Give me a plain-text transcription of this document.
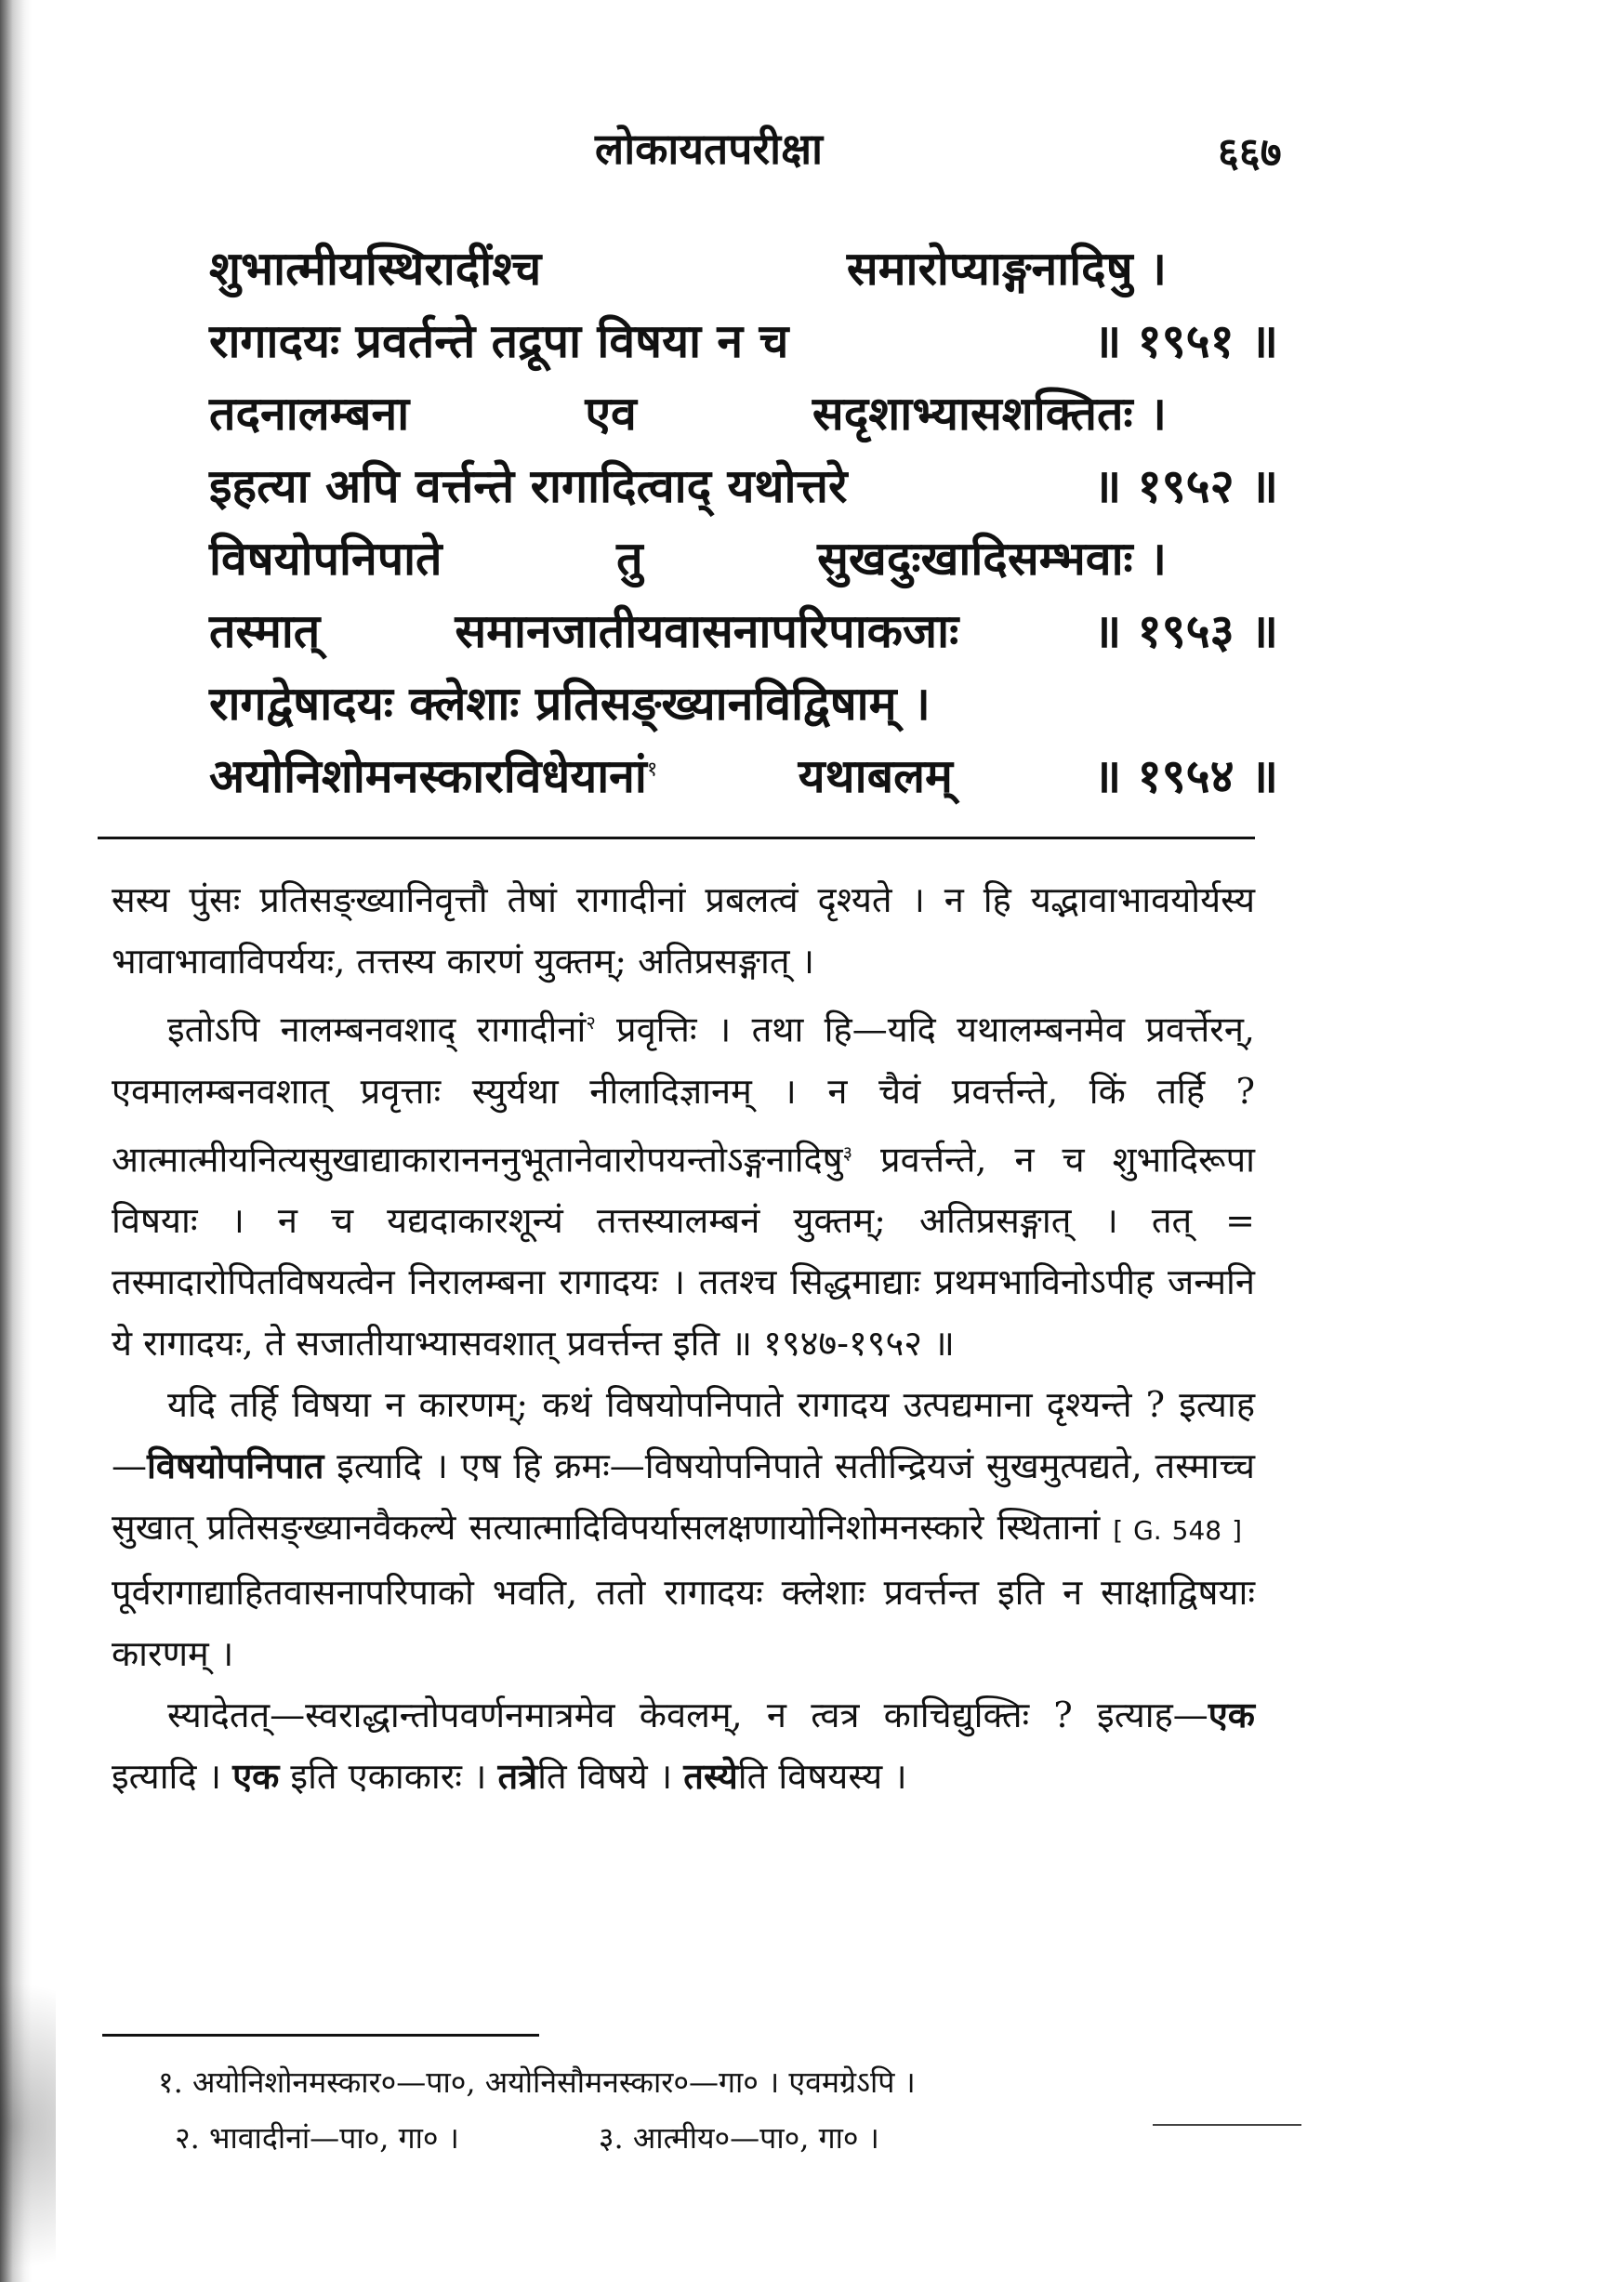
लोकायतपरीक्षा	६६७
शुभात्मीयस्थिरादींश्च	समारोप्याङ्गनादिषु ।
रागादयः प्रवर्तन्ते तद्रूपा विषया न च	॥ १९५१ ॥
तदनालम्बना	एव	सदृशाभ्यासशक्तितः ।
इहत्या अपि वर्त्तन्ते रागादित्वाद् यथोत्तरे	॥ १९५२ ॥
विषयोपनिपाते	तु	सुखदुःखादिसम्भवाः ।
तस्मात्	समानजातीयवासनापरिपाकजाः	॥ १९५३ ॥
रागद्वेषादयः क्लेशाः प्रतिसङ्ख्यानविद्विषाम् ।
अयोनिशोमनस्कारविधेयानां$^१$	यथाबलम्	॥ १९५४ ॥

सस्य पुंसः प्रतिसङ्ख्यानिवृत्तौ तेषां रागादीनां प्रबलत्वं दृश्यते । न हि यद्भावाभावयोर्यस्य भावाभावाविपर्ययः, तत्तस्य कारणं युक्तम्; अतिप्रसङ्गात् ।

इतोऽपि नालम्बनवशाद् रागादीनां$^२$ प्रवृत्तिः । तथा हि—यदि यथालम्बनमेव प्रवर्त्तेरन्, एवमालम्बनवशात् प्रवृत्ताः स्युर्यथा नीलादिज्ञानम् । न चैवं प्रवर्त्तन्ते, किं तर्हि ? आत्मात्मीयनित्यसुखाद्याकारानननुभूतानेवारोपयन्तोऽङ्गनादिषु$^३$ प्रवर्त्तन्ते, न च शुभादिरूपा विषयाः । न च यद्यदाकारशून्यं तत्तस्यालम्बनं युक्तम्; अतिप्रसङ्गात् । तत् = तस्मादारोपितविषयत्वेन निरालम्बना रागादयः । ततश्च सिद्धमाद्याः प्रथमभाविनोऽपीह जन्मनि ये रागादयः, ते सजातीयाभ्यासवशात् प्रवर्त्तन्त इति ॥ १९४७-१९५२ ॥

यदि तर्हि विषया न कारणम्; कथं विषयोपनिपाते रागादय उत्पद्यमाना दृश्यन्ते ? इत्याह—विषयोपनिपात इत्यादि । एष हि क्रमः—विषयोपनिपाते सतीन्द्रियजं सुखमुत्पद्यते, तस्माच्च सुखात् प्रतिसङ्ख्यानवैकल्ये सत्यात्मादिविपर्यासलक्षणायोनिशोमनस्कारे स्थितानां [ G. 548 ] पूर्वरागाद्याहितवासनापरिपाको भवति, ततो रागादयः क्लेशाः प्रवर्त्तन्त इति न साक्षाद्विषयाः कारणम् ।

स्यादेतत्—स्वराद्धान्तोपवर्णनमात्रमेव केवलम्, न त्वत्र काचिद्युक्तिः ? इत्याह—एक इत्यादि । एक इति एकाकारः । तत्रेति विषये । तस्येति विषयस्य ।

१. अयोनिशोनमस्कार०—पा०, अयोनिसौमनस्कार०—गा० । एवमग्रेऽपि ।
२. भावादीनां—पा०, गा० ।	३. आत्मीय०—पा०, गा० ।
